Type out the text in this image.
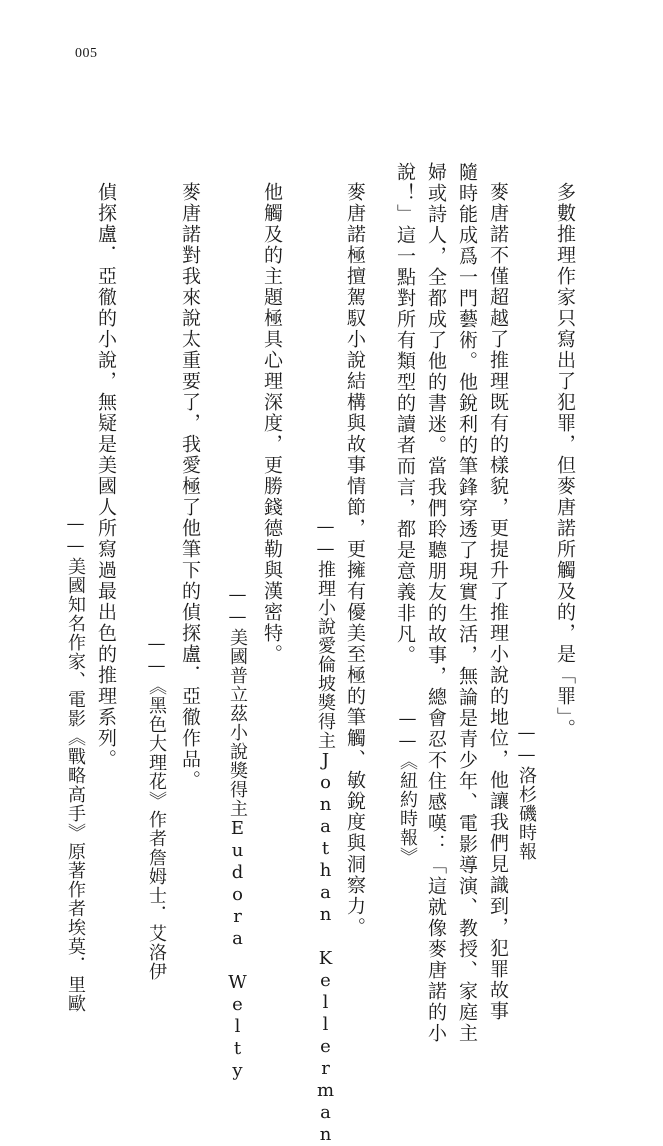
005
多數推理作家只寫出了犯罪，但麥唐諾所觸及的，是「罪」。
——洛杉磯時報
麥唐諾不僅超越了推理既有的樣貌，更提升了推理小說的地位，他讓我們見識到，犯罪故事
隨時能成爲一門藝術。他銳利的筆鋒穿透了現實生活，無論是青少年、電影導演、教授、家庭主
婦或詩人，全都成了他的書迷。當我們聆聽朋友的故事，總會忍不住感嘆：「這就像麥唐諾的小
說！」這一點對所有類型的讀者而言，都是意義非凡。
——《紐約時報》
麥唐諾極擅駕馭小說結構與故事情節，更擁有優美至極的筆觸、敏銳度與洞察力。
——推理小說愛倫坡獎得主Jonathan Kellerman
他觸及的主題極具心理深度，更勝錢德勒與漢密特。
——美國普立茲小說獎得主Eudora Welty
麥唐諾對我來說太重要了，我愛極了他筆下的偵探盧．亞徹作品。
——《黑色大理花》作者詹姆士．艾洛伊
偵探盧．亞徹的小說，無疑是美國人所寫過最出色的推理系列。
——美國知名作家、電影《戰略高手》原著作者埃莫．里歐
